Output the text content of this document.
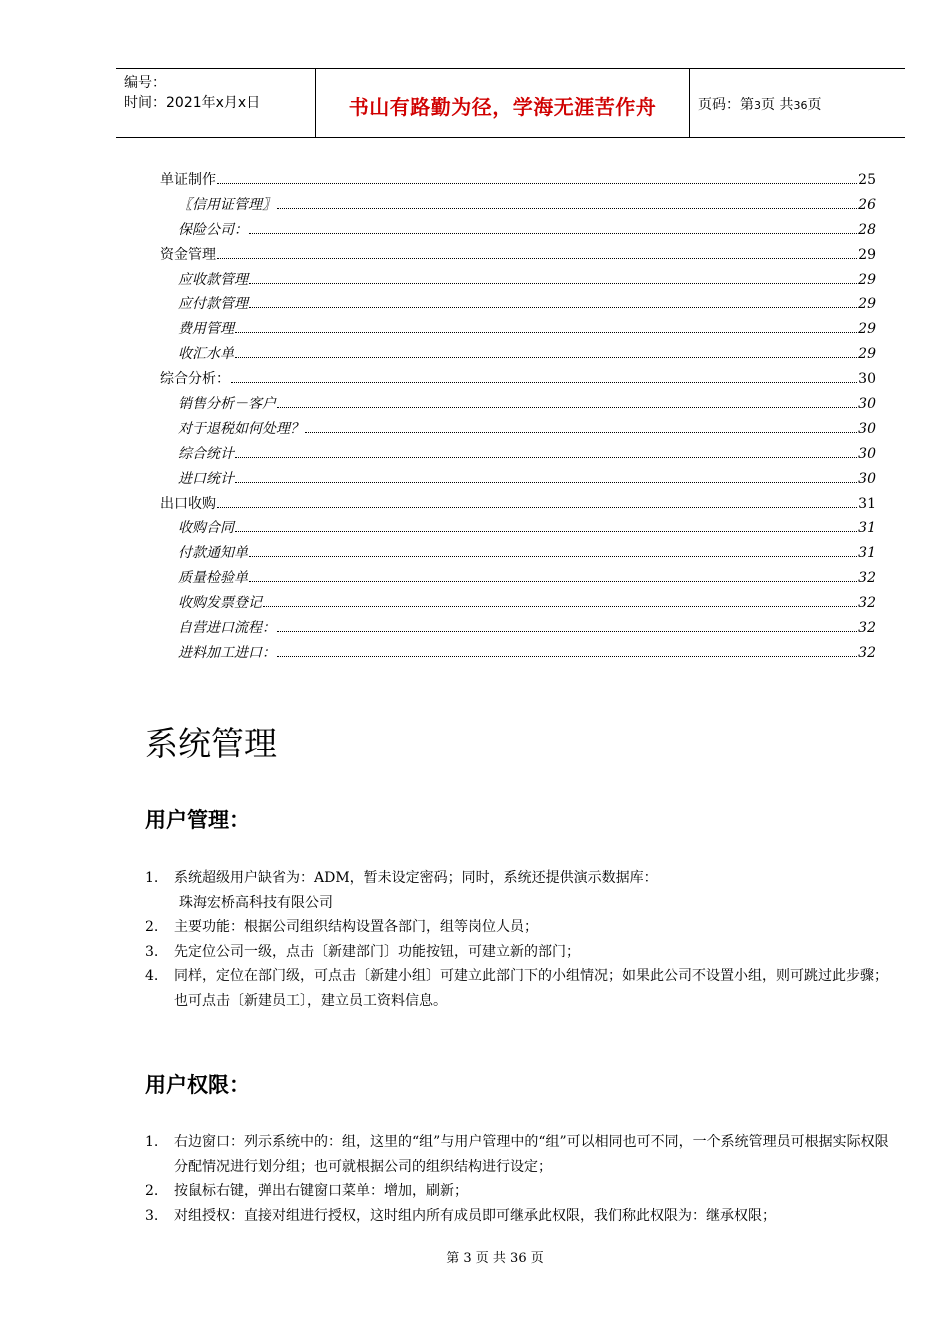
编号：
时间：2021年x月x日	书山有路勤为径，学海无涯苦作舟	页码：第3页 共36页
单证制作	25
〖信用证管理〗	26
保险公司：	28
资金管理	29
应收款管理	29
应付款管理	29
费用管理	29
收汇水单	29
综合分析：	30
销售分析－客户	30
对于退税如何处理？	30
综合统计	30
进口统计	30
出口收购	31
收购合同	31
付款通知单	31
质量检验单	32
收购发票登记	32
自营进口流程：	32
进料加工进口：	32
系统管理
用户管理：
1. 系统超级用户缺省为：ADM，暂未设定密码；同时，系统还提供演示数据库：
珠海宏桥高科技有限公司
2. 主要功能：根据公司组织结构设置各部门，组等岗位人员；
3. 先定位公司一级，点击〔新建部门〕功能按钮，可建立新的部门；
4. 同样，定位在部门级，可点击〔新建小组〕可建立此部门下的小组情况；如果此公司不设置小组，则可跳过此步骤；也可点击〔新建员工〕，建立员工资料信息。
用户权限：
1. 右边窗口：列示系统中的：组，这里的“组”与用户管理中的“组”可以相同也可不同，一个系统管理员可根据实际权限分配情况进行划分组；也可就根据公司的组织结构进行设定；
2. 按鼠标右键，弹出右键窗口菜单：增加，刷新；
3. 对组授权：直接对组进行授权，这时组内所有成员即可继承此权限，我们称此权限为：继承权限；
第 3 页 共 36 页
